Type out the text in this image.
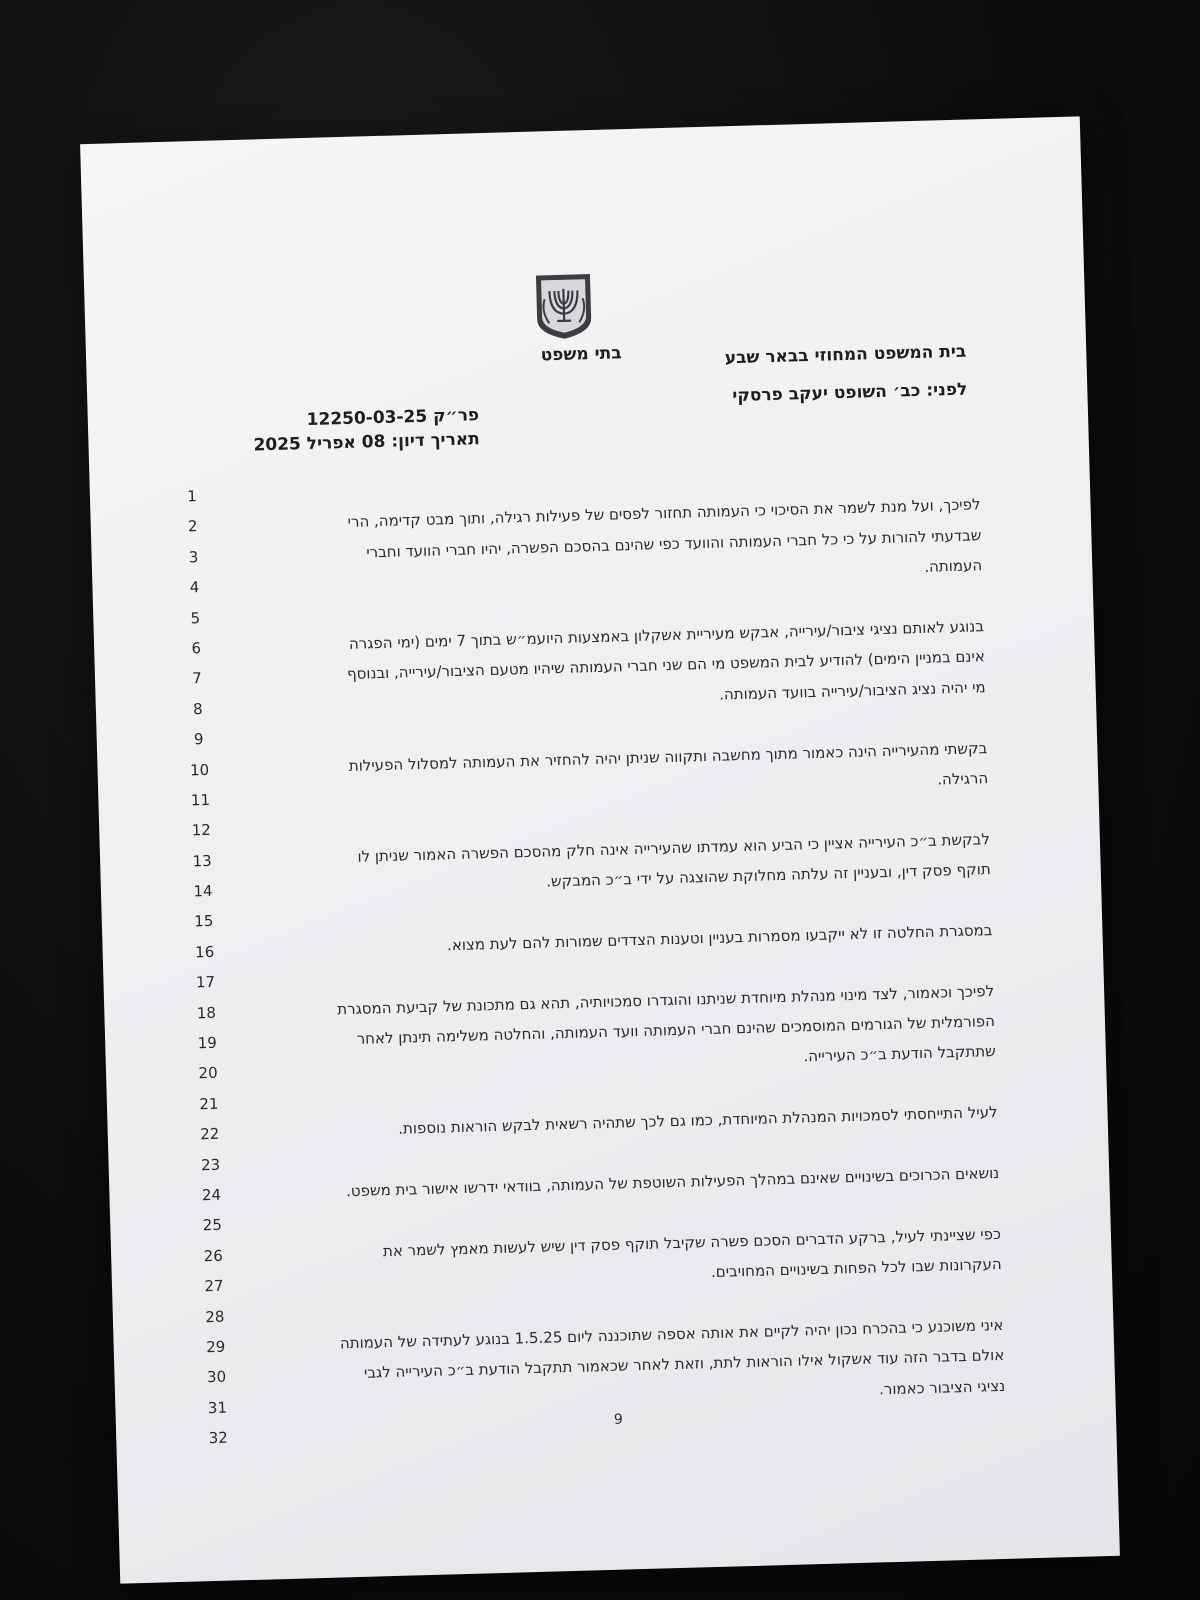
בתי משפט	בית המשפט המחוזי בבאר שבע
לפני: כב׳ השופט יעקב פרסקי
פר״ק 12250-03-25
תאריך דיון: 08 אפריל 2025
1
2
3
4
5
6
7
8
9
10
11
12
13
14
15
16
17
18
19
20
21
22
23
24
25
26
27
28
29
30
31
32
לפיכך, ועל מנת לשמר את הסיכוי כי העמותה תחזור לפסים של פעילות רגילה, ותוך מבט קדימה, הרי
שבדעתי להורות על כי כל חברי העמותה והוועד כפי שהינם בהסכם הפשרה, יהיו חברי הוועד וחברי
העמותה.
בנוגע לאותם נציגי ציבור/עירייה, אבקש מעיריית אשקלון באמצעות היועמ״ש בתוך 7 ימים (ימי הפגרה
אינם במניין הימים) להודיע לבית המשפט מי הם שני חברי העמותה שיהיו מטעם הציבור/עירייה, ובנוסף
מי יהיה נציג הציבור/עירייה בוועד העמותה.
בקשתי מהעירייה הינה כאמור מתוך מחשבה ותקווה שניתן יהיה להחזיר את העמותה למסלול הפעילות
הרגילה.
לבקשת ב״כ העירייה אציין כי הביע הוא עמדתו שהעירייה אינה חלק מהסכם הפשרה האמור שניתן לו
תוקף פסק דין, ובעניין זה עלתה מחלוקת שהוצגה על ידי ב״כ המבקש.
במסגרת החלטה זו לא ייקבעו מסמרות בעניין וטענות הצדדים שמורות להם לעת מצוא.
לפיכך וכאמור, לצד מינוי מנהלת מיוחדת שניתנו והוגדרו סמכויותיה, תהא גם מתכונת של קביעת המסגרת
הפורמלית של הגורמים המוסמכים שהינם חברי העמותה וועד העמותה, והחלטה משלימה תינתן לאחר
שתתקבל הודעת ב״כ העירייה.
לעיל התייחסתי לסמכויות המנהלת המיוחדת, כמו גם לכך שתהיה רשאית לבקש הוראות נוספות.
נושאים הכרוכים בשינויים שאינם במהלך הפעילות השוטפת של העמותה, בוודאי ידרשו אישור בית משפט.
כפי שציינתי לעיל, ברקע הדברים הסכם פשרה שקיבל תוקף פסק דין שיש לעשות מאמץ לשמר את
העקרונות שבו לכל הפחות בשינויים המחויבים.
איני משוכנע כי בהכרח נכון יהיה לקיים את אותה אספה שתוכננה ליום 1.5.25 בנוגע לעתידה של העמותה
אולם בדבר הזה עוד אשקול אילו הוראות לתת, וזאת לאחר שכאמור תתקבל הודעת ב״כ העירייה לגבי
נציגי הציבור כאמור.
9
